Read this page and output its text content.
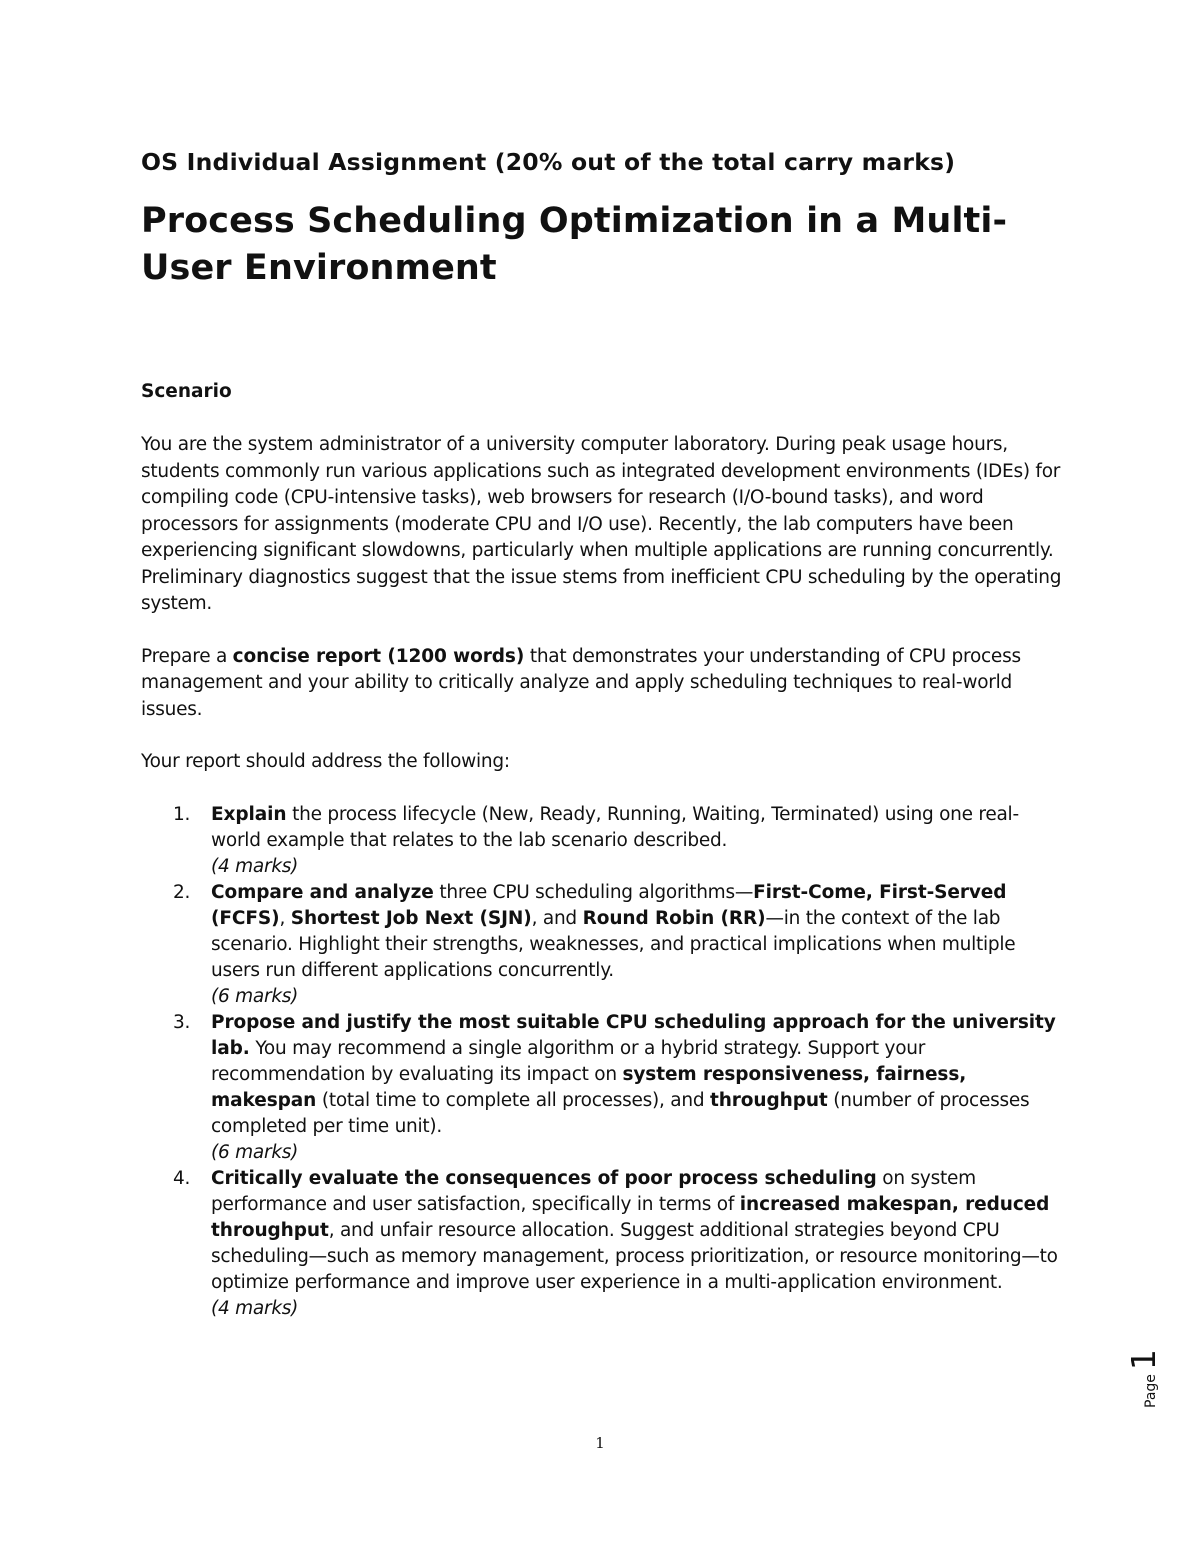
OS Individual Assignment (20% out of the total carry marks)

Process Scheduling Optimization in a Multi-
User Environment
Scenario

You are the system administrator of a university computer laboratory. During peak usage hours, students commonly run various applications such as integrated development environments (IDEs) for compiling code (CPU-intensive tasks), web browsers for research (I/O-bound tasks), and word processors for assignments (moderate CPU and I/O use). Recently, the lab computers have been experiencing significant slowdowns, particularly when multiple applications are running concurrently. Preliminary diagnostics suggest that the issue stems from inefficient CPU scheduling by the operating system.

Prepare a concise report (1200 words) that demonstrates your understanding of CPU process management and your ability to critically analyze and apply scheduling techniques to real-world issues.

Your report should address the following:

1. Explain the process lifecycle (New, Ready, Running, Waiting, Terminated) using one real-world example that relates to the lab scenario described.
(4 marks)
2. Compare and analyze three CPU scheduling algorithms—First-Come, First-Served (FCFS), Shortest Job Next (SJN), and Round Robin (RR)—in the context of the lab scenario. Highlight their strengths, weaknesses, and practical implications when multiple users run different applications concurrently.
(6 marks)
3. Propose and justify the most suitable CPU scheduling approach for the university lab. You may recommend a single algorithm or a hybrid strategy. Support your recommendation by evaluating its impact on system responsiveness, fairness, makespan (total time to complete all processes), and throughput (number of processes completed per time unit).
(6 marks)
4. Critically evaluate the consequences of poor process scheduling on system performance and user satisfaction, specifically in terms of increased makespan, reduced throughput, and unfair resource allocation. Suggest additional strategies beyond CPU scheduling—such as memory management, process prioritization, or resource monitoring—to optimize performance and improve user experience in a multi-application environment.
(4 marks)
Page1
1
